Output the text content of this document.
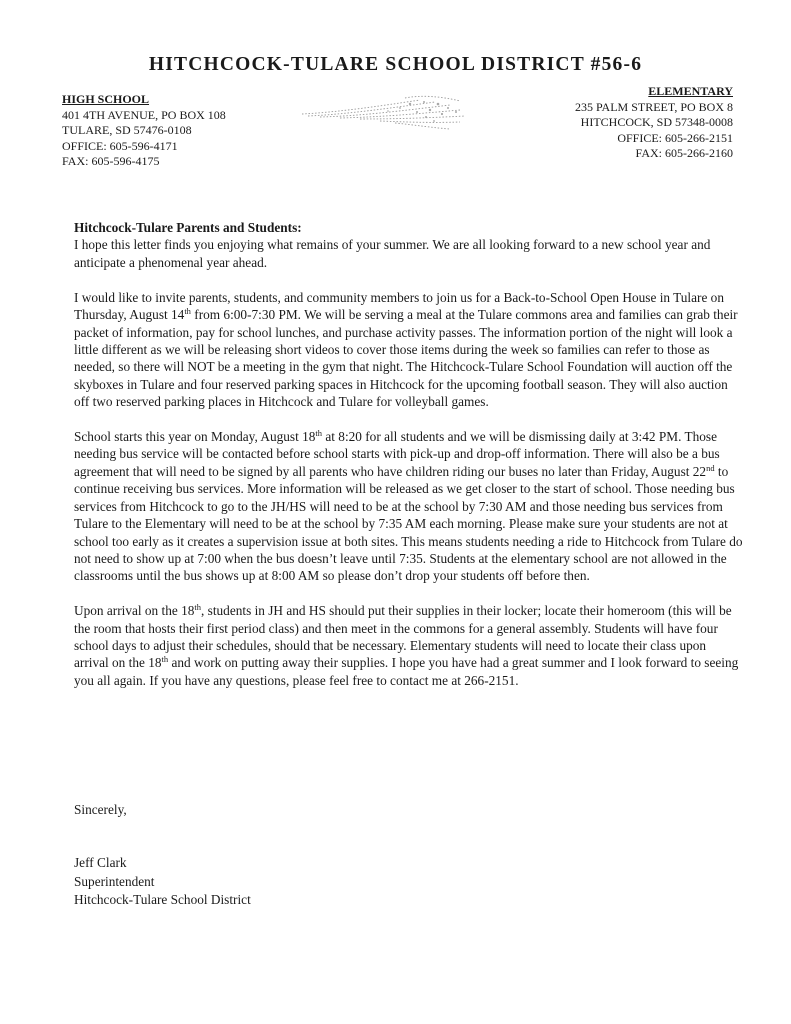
HITCHCOCK-TULARE SCHOOL DISTRICT #56-6
HIGH SCHOOL
401 4TH AVENUE, PO BOX 108
TULARE, SD 57476-0108
OFFICE: 605-596-4171
FAX: 605-596-4175
ELEMENTARY
235 PALM STREET, PO BOX 8
HITCHCOCK, SD 57348-0008
OFFICE: 605-266-2151
FAX: 605-266-2160

Hitchcock-Tulare Parents and Students:
I hope this letter finds you enjoying what remains of your summer. We are all looking forward to a new school year and anticipate a phenomenal year ahead.

I would like to invite parents, students, and community members to join us for a Back-to-School Open House in Tulare on Thursday, August 14th from 6:00-7:30 PM. We will be serving a meal at the Tulare commons area and families can grab their packet of information, pay for school lunches, and purchase activity passes. The information portion of the night will look a little different as we will be releasing short videos to cover those items during the week so families can refer to those as needed, so there will NOT be a meeting in the gym that night. The Hitchcock-Tulare School Foundation will auction off the skyboxes in Tulare and four reserved parking spaces in Hitchcock for the upcoming football season. They will also auction off two reserved parking places in Hitchcock and Tulare for volleyball games.

School starts this year on Monday, August 18th at 8:20 for all students and we will be dismissing daily at 3:42 PM. Those needing bus service will be contacted before school starts with pick-up and drop-off information. There will also be a bus agreement that will need to be signed by all parents who have children riding our buses no later than Friday, August 22nd to continue receiving bus services. More information will be released as we get closer to the start of school. Those needing bus services from Hitchcock to go to the JH/HS will need to be at the school by 7:30 AM and those needing bus services from Tulare to the Elementary will need to be at the school by 7:35 AM each morning. Please make sure your students are not at school too early as it creates a supervision issue at both sites. This means students needing a ride to Hitchcock from Tulare do not need to show up at 7:00 when the bus doesn’t leave until 7:35. Students at the elementary school are not allowed in the classrooms until the bus shows up at 8:00 AM so please don’t drop your students off before then.

Upon arrival on the 18th, students in JH and HS should put their supplies in their locker; locate their homeroom (this will be the room that hosts their first period class) and then meet in the commons for a general assembly. Students will have four school days to adjust their schedules, should that be necessary. Elementary students will need to locate their class upon arrival on the 18th and work on putting away their supplies. I hope you have had a great summer and I look forward to seeing you all again. If you have any questions, please feel free to contact me at 266-2151.

Sincerely,
Jeff Clark
Superintendent
Hitchcock-Tulare School District
